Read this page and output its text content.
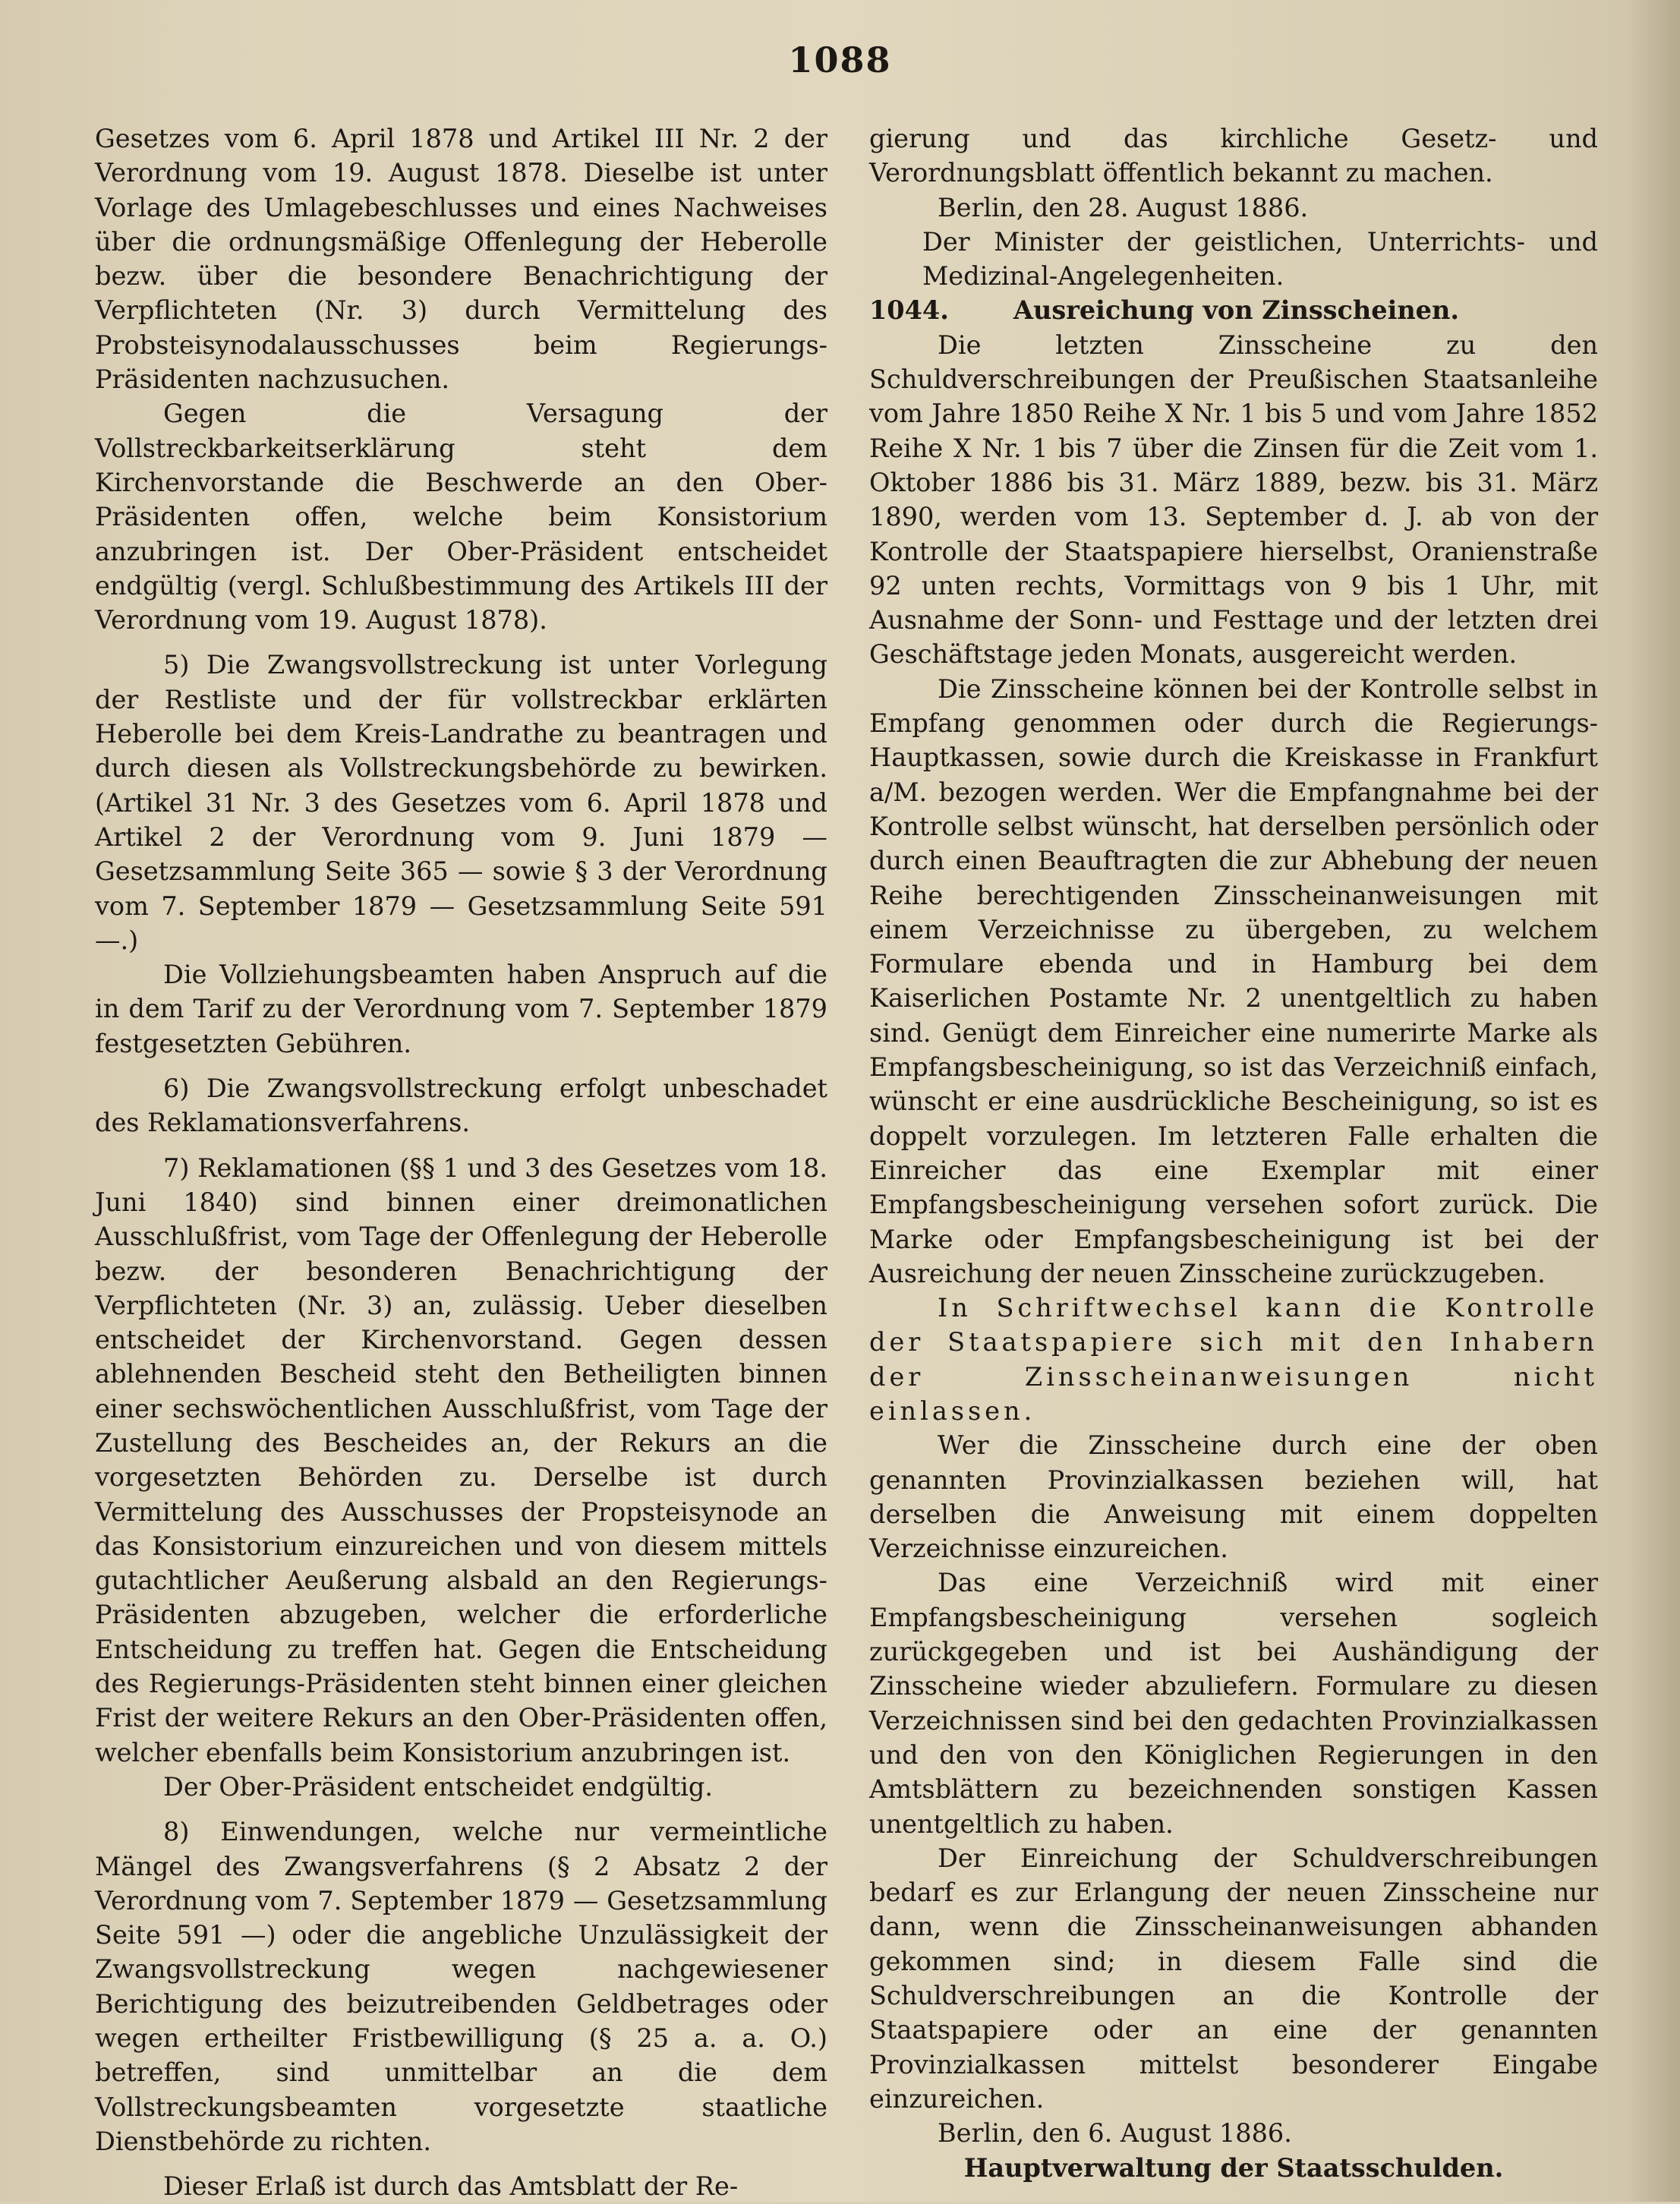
1088

Gesetzes vom 6. April 1878 und Artikel III Nr. 2 der Verordnung vom 19. August 1878. Dieselbe ist unter Vorlage des Umlagebeschlusses und eines Nachweises über die ordnungsmäßige Offenlegung der Heberolle bezw. über die besondere Benachrichtigung der Verpflichteten (Nr. 3) durch Vermittelung des Probsteisynodalausschusses beim Regierungs-Präsidenten nachzusuchen.

Gegen die Versagung der Vollstreckbarkeitserklärung steht dem Kirchenvorstande die Beschwerde an den Ober-Präsidenten offen, welche beim Konsistorium anzubringen ist. Der Ober-Präsident entscheidet endgültig (vergl. Schlußbestimmung des Artikels III der Verordnung vom 19. August 1878).

5) Die Zwangsvollstreckung ist unter Vorlegung der Restliste und der für vollstreckbar erklärten Heberolle bei dem Kreis-Landrathe zu beantragen und durch diesen als Vollstreckungsbehörde zu bewirken. (Artikel 31 Nr. 3 des Gesetzes vom 6. April 1878 und Artikel 2 der Verordnung vom 9. Juni 1879 — Gesetzsammlung Seite 365 — sowie § 3 der Verordnung vom 7. September 1879 — Gesetzsammlung Seite 591 —.)

Die Vollziehungsbeamten haben Anspruch auf die in dem Tarif zu der Verordnung vom 7. September 1879 festgesetzten Gebühren.

6) Die Zwangsvollstreckung erfolgt unbeschadet des Reklamationsverfahrens.

7) Reklamationen (§§ 1 und 3 des Gesetzes vom 18. Juni 1840) sind binnen einer dreimonatlichen Ausschlußfrist, vom Tage der Offenlegung der Heberolle bezw. der besonderen Benachrichtigung der Verpflichteten (Nr. 3) an, zulässig. Ueber dieselben entscheidet der Kirchenvorstand. Gegen dessen ablehnenden Bescheid steht den Betheiligten binnen einer sechswöchentlichen Ausschlußfrist, vom Tage der Zustellung des Bescheides an, der Rekurs an die vorgesetzten Behörden zu. Derselbe ist durch Vermittelung des Ausschusses der Propsteisynode an das Konsistorium einzureichen und von diesem mittels gutachtlicher Aeußerung alsbald an den Regierungs-Präsidenten abzugeben, welcher die erforderliche Entscheidung zu treffen hat. Gegen die Entscheidung des Regierungs-Präsidenten steht binnen einer gleichen Frist der weitere Rekurs an den Ober-Präsidenten offen, welcher ebenfalls beim Konsistorium anzubringen ist.

Der Ober-Präsident entscheidet endgültig.

8) Einwendungen, welche nur vermeintliche Mängel des Zwangsverfahrens (§ 2 Absatz 2 der Verordnung vom 7. September 1879 — Gesetzsammlung Seite 591 —) oder die angebliche Unzulässigkeit der Zwangsvollstreckung wegen nachgewiesener Berichtigung des beizutreibenden Geldbetrages oder wegen ertheilter Fristbewilligung (§ 25 a. a. O.) betreffen, sind unmittelbar an die dem Vollstreckungsbeamten vorgesetzte staatliche Dienstbehörde zu richten.

Dieser Erlaß ist durch das Amtsblatt der Re-

gierung und das kirchliche Gesetz- und Verordnungsblatt öffentlich bekannt zu machen.

Berlin, den 28. August 1886.

Der Minister der geistlichen, Unterrichts- und Medizinal-Angelegenheiten.

1044.	Ausreichung von Zinsscheinen.

Die letzten Zinsscheine zu den Schuldverschreibungen der Preußischen Staatsanleihe vom Jahre 1850 Reihe X Nr. 1 bis 5 und vom Jahre 1852 Reihe X Nr. 1 bis 7 über die Zinsen für die Zeit vom 1. Oktober 1886 bis 31. März 1889, bezw. bis 31. März 1890, werden vom 13. September d. J. ab von der Kontrolle der Staatspapiere hierselbst, Oranienstraße 92 unten rechts, Vormittags von 9 bis 1 Uhr, mit Ausnahme der Sonn- und Festtage und der letzten drei Geschäftstage jeden Monats, ausgereicht werden.

Die Zinsscheine können bei der Kontrolle selbst in Empfang genommen oder durch die Regierungs-Hauptkassen, sowie durch die Kreiskasse in Frankfurt a/M. bezogen werden. Wer die Empfangnahme bei der Kontrolle selbst wünscht, hat derselben persönlich oder durch einen Beauftragten die zur Abhebung der neuen Reihe berechtigenden Zinsscheinanweisungen mit einem Verzeichnisse zu übergeben, zu welchem Formulare ebenda und in Hamburg bei dem Kaiserlichen Postamte Nr. 2 unentgeltlich zu haben sind. Genügt dem Einreicher eine numerirte Marke als Empfangsbescheinigung, so ist das Verzeichniß einfach, wünscht er eine ausdrückliche Bescheinigung, so ist es doppelt vorzulegen. Im letzteren Falle erhalten die Einreicher das eine Exemplar mit einer Empfangsbescheinigung versehen sofort zurück. Die Marke oder Empfangsbescheinigung ist bei der Ausreichung der neuen Zinsscheine zurückzugeben.

In Schriftwechsel kann die Kontrolle der Staatspapiere sich mit den Inhabern der Zinsscheinanweisungen nicht einlassen.

Wer die Zinsscheine durch eine der oben genannten Provinzialkassen beziehen will, hat derselben die Anweisung mit einem doppelten Verzeichnisse einzureichen.

Das eine Verzeichniß wird mit einer Empfangsbescheinigung versehen sogleich zurückgegeben und ist bei Aushändigung der Zinsscheine wieder abzuliefern. Formulare zu diesen Verzeichnissen sind bei den gedachten Provinzialkassen und den von den Königlichen Regierungen in den Amtsblättern zu bezeichnenden sonstigen Kassen unentgeltlich zu haben.

Der Einreichung der Schuldverschreibungen bedarf es zur Erlangung der neuen Zinsscheine nur dann, wenn die Zinsscheinanweisungen abhanden gekommen sind; in diesem Falle sind die Schuldverschreibungen an die Kontrolle der Staatspapiere oder an eine der genannten Provinzialkassen mittelst besonderer Eingabe einzureichen.

Berlin, den 6. August 1886.

Hauptverwaltung der Staatsschulden.
